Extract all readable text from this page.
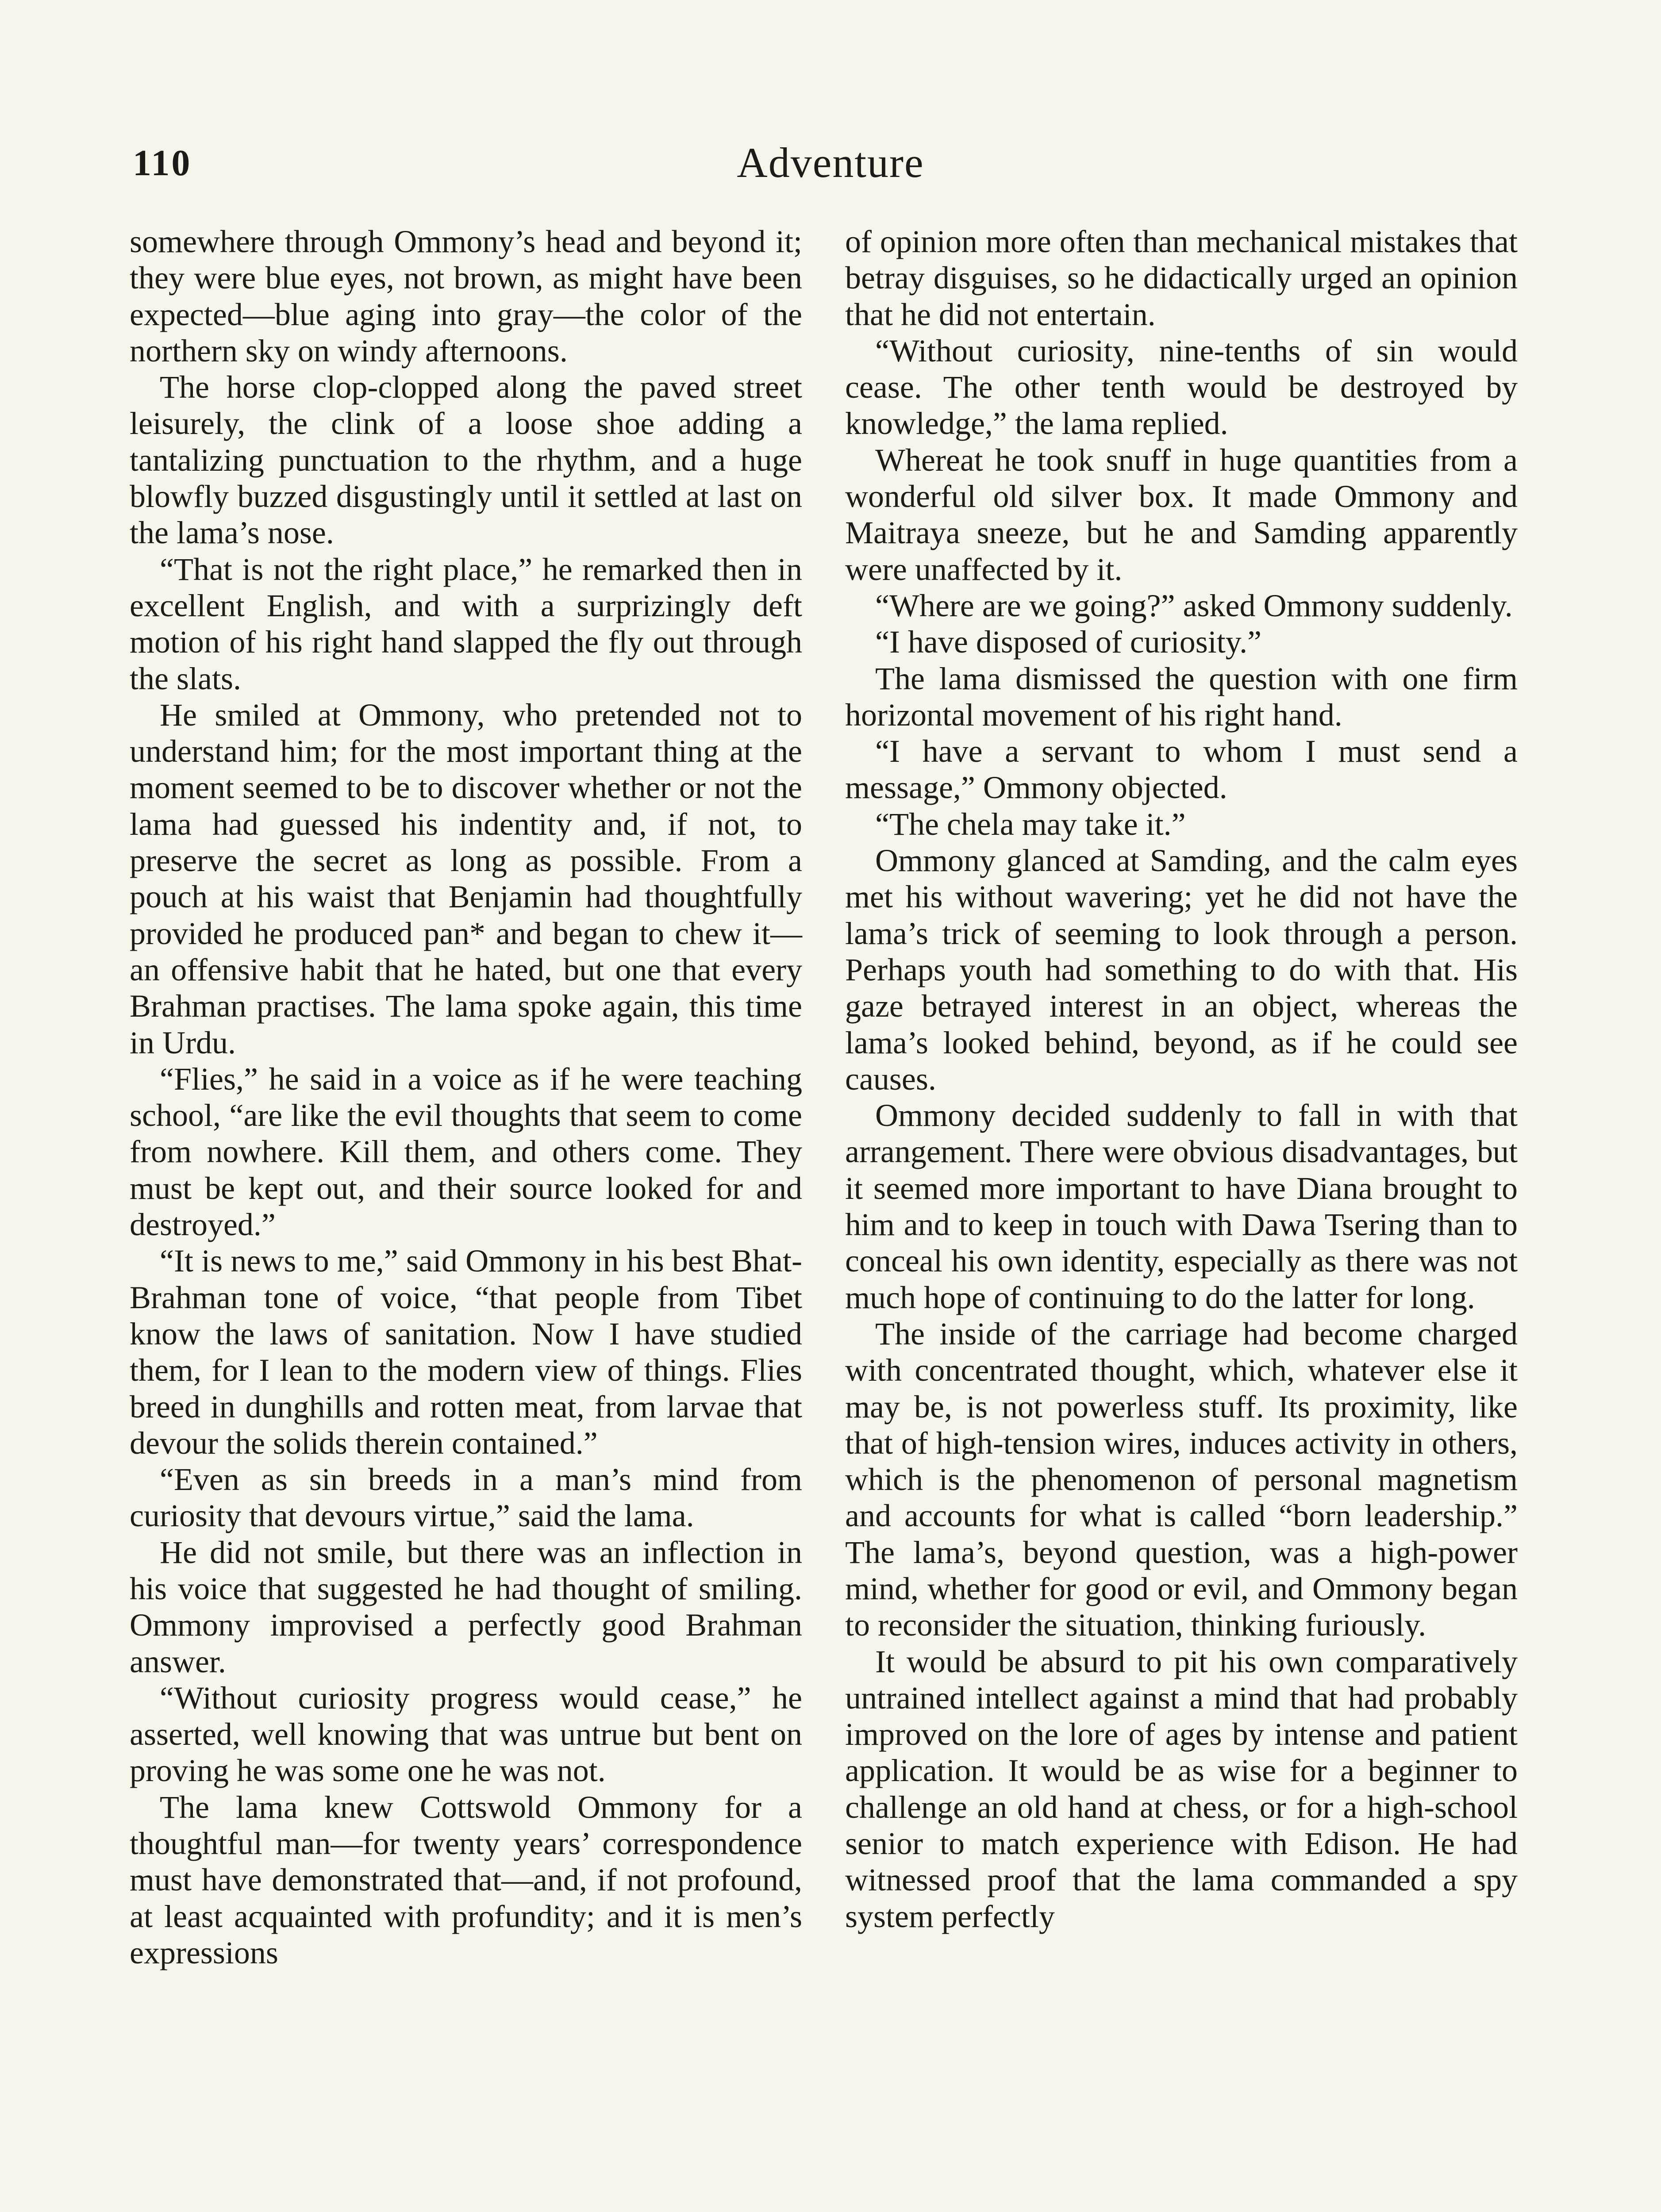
110	Adventure

somewhere through Ommony’s head and beyond it; they were blue eyes, not brown, as might have been expected—blue aging into gray—the color of the northern sky on windy afternoons.

The horse clop-clopped along the paved street leisurely, the clink of a loose shoe adding a tantalizing punctuation to the rhythm, and a huge blowfly buzzed disgustingly until it settled at last on the lama’s nose.

“That is not the right place,” he remarked then in excellent English, and with a surprizingly deft motion of his right hand slapped the fly out through the slats.

He smiled at Ommony, who pretended not to understand him; for the most important thing at the moment seemed to be to discover whether or not the lama had guessed his indentity and, if not, to preserve the secret as long as possible. From a pouch at his waist that Benjamin had thoughtfully provided he produced pan* and began to chew it—an offensive habit that he hated, but one that every Brahman practises. The lama spoke again, this time in Urdu.

“Flies,” he said in a voice as if he were teaching school, “are like the evil thoughts that seem to come from nowhere. Kill them, and others come. They must be kept out, and their source looked for and destroyed.”

“It is news to me,” said Ommony in his best Bhat-Brahman tone of voice, “that people from Tibet know the laws of sanitation. Now I have studied them, for I lean to the modern view of things. Flies breed in dunghills and rotten meat, from larvae that devour the solids therein contained.”

“Even as sin breeds in a man’s mind from curiosity that devours virtue,” said the lama.

He did not smile, but there was an inflection in his voice that suggested he had thought of smiling. Ommony improvised a perfectly good Brahman answer.

“Without curiosity progress would cease,” he asserted, well knowing that was untrue but bent on proving he was some one he was not.

The lama knew Cottswold Ommony for a thoughtful man—for twenty years’ correspondence must have demonstrated that—and, if not profound, at least acquainted with profundity; and it is men’s expressions

of opinion more often than mechanical mistakes that betray disguises, so he didactically urged an opinion that he did not entertain.

“Without curiosity, nine-tenths of sin would cease. The other tenth would be destroyed by knowledge,” the lama replied.

Whereat he took snuff in huge quantities from a wonderful old silver box. It made Ommony and Maitraya sneeze, but he and Samding apparently were unaffected by it.

“Where are we going?” asked Ommony suddenly.

“I have disposed of curiosity.”

The lama dismissed the question with one firm horizontal movement of his right hand.

“I have a servant to whom I must send a message,” Ommony objected.

“The chela may take it.”

Ommony glanced at Samding, and the calm eyes met his without wavering; yet he did not have the lama’s trick of seeming to look through a person. Perhaps youth had something to do with that. His gaze betrayed interest in an object, whereas the lama’s looked behind, beyond, as if he could see causes.

Ommony decided suddenly to fall in with that arrangement. There were obvious disadvantages, but it seemed more important to have Diana brought to him and to keep in touch with Dawa Tsering than to conceal his own identity, especially as there was not much hope of continuing to do the latter for long.

The inside of the carriage had become charged with concentrated thought, which, whatever else it may be, is not powerless stuff. Its proximity, like that of high-tension wires, induces activity in others, which is the phenomenon of personal magnetism and accounts for what is called “born leadership.” The lama’s, beyond question, was a high-power mind, whether for good or evil, and Ommony began to reconsider the situation, thinking furiously.

It would be absurd to pit his own comparatively untrained intellect against a mind that had probably improved on the lore of ages by intense and patient application. It would be as wise for a beginner to challenge an old hand at chess, or for a high-school senior to match experience with Edison. He had witnessed proof that the lama commanded a spy system perfectly
